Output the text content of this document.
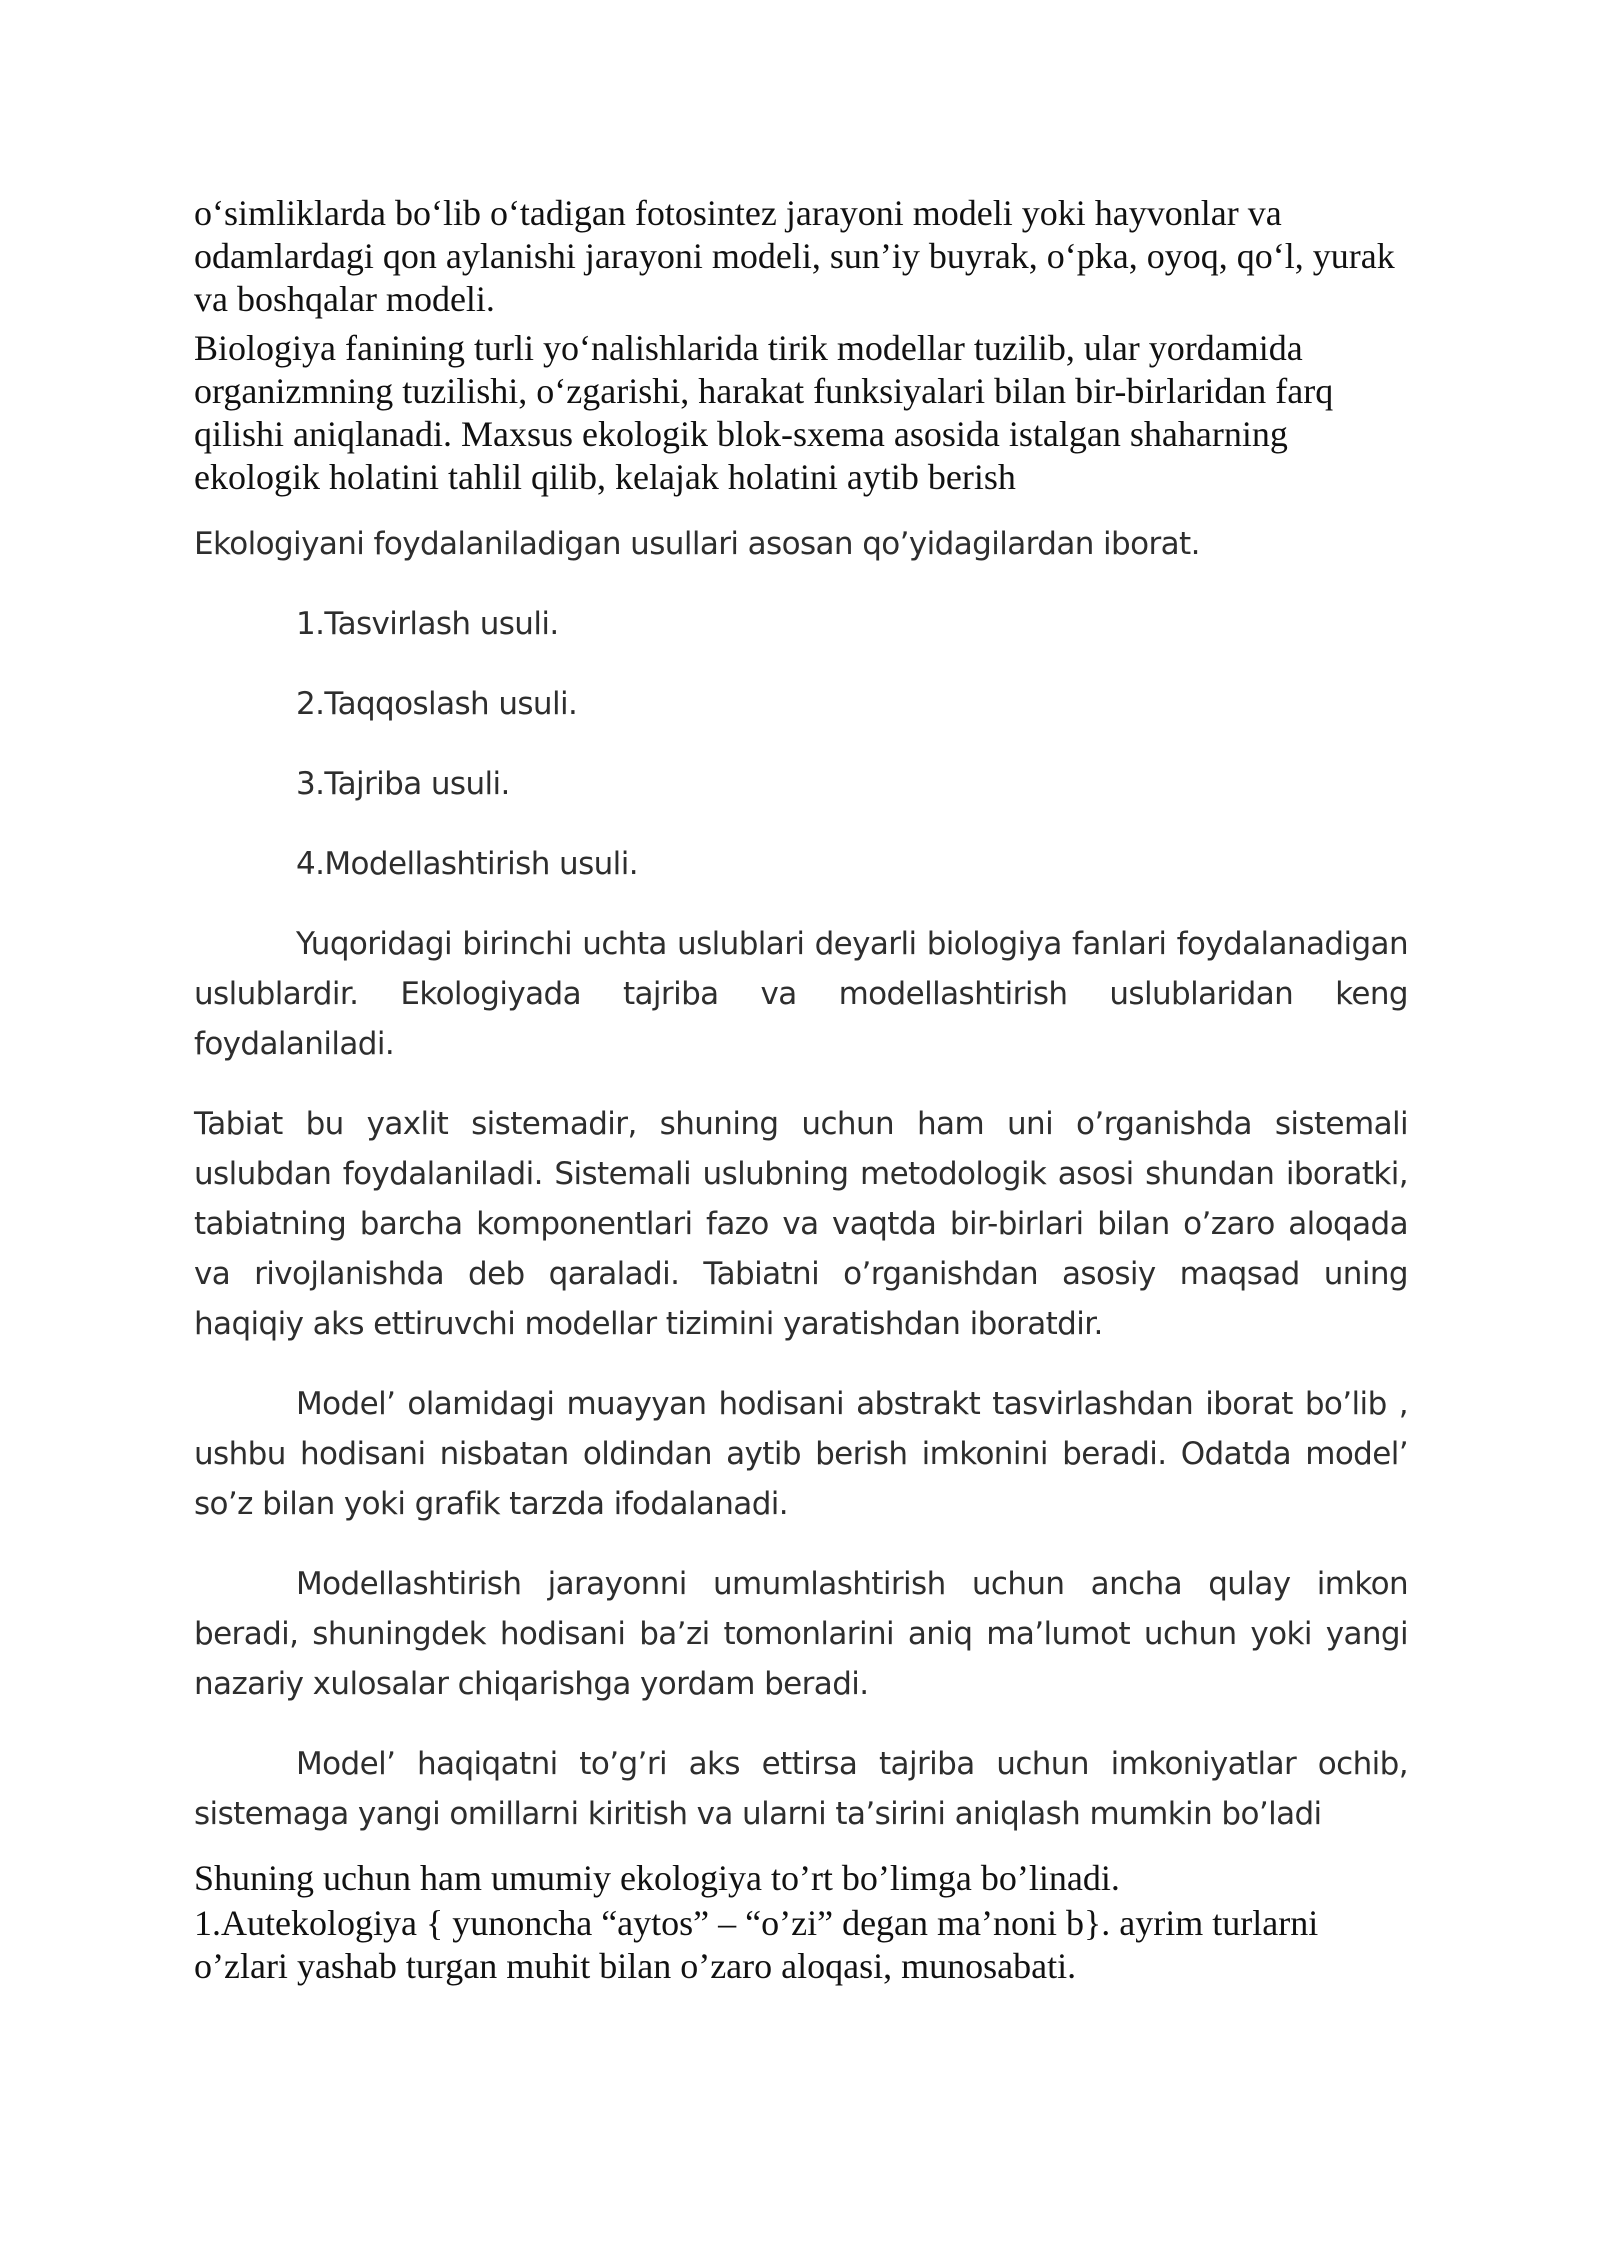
o‘simliklarda bo‘lib o‘tadigan fotosintez jarayoni modeli yoki hayvonlar va odamlardagi qon aylanishi jarayoni modeli, sun’iy buyrak, o‘pka, oyoq, qo‘l, yurak va boshqalar modeli.

Biologiya fanining turli yo‘nalishlarida tirik modellar tuzilib, ular yordamida organizmning tuzilishi, o‘zgarishi, harakat funksiyalari bilan bir-birlaridan farq qilishi aniqlanadi. Maxsus ekologik blok-sxema asosida istalgan shaharning ekologik holatini tahlil qilib, kelajak holatini aytib berish

Ekologiyani foydalaniladigan usullari asosan qo’yidagilardan iborat.

1.Tasvirlash usuli.

2.Taqqoslash usuli.

3.Tajriba usuli.

4.Modellashtirish usuli.

Yuqoridagi birinchi uchta uslublari deyarli biologiya fanlari foydalanadigan uslublardir. Ekologiyada tajriba va modellashtirish uslublaridan keng foydalaniladi.

Tabiat bu yaxlit sistemadir, shuning uchun ham uni o’rganishda sistemali uslubdan foydalaniladi. Sistemali uslubning metodologik asosi shundan iboratki, tabiatning barcha komponentlari fazo va vaqtda bir-birlari bilan o’zaro aloqada va rivojlanishda deb qaraladi. Tabiatni o’rganishdan asosiy maqsad uning haqiqiy aks ettiruvchi modellar tizimini yaratishdan iboratdir.

Model’ olamidagi muayyan hodisani abstrakt tasvirlashdan iborat bo’lib , ushbu hodisani nisbatan oldindan aytib berish imkonini beradi. Odatda model’ so’z bilan yoki grafik tarzda ifodalanadi.

Modellashtirish jarayonni umumlashtirish uchun ancha qulay imkon beradi, shuningdek hodisani ba’zi tomonlarini aniq ma’lumot uchun yoki yangi nazariy xulosalar chiqarishga yordam beradi.

Model’ haqiqatni to’g’ri aks ettirsa tajriba uchun imkoniyatlar ochib, sistemaga yangi omillarni kiritish va ularni ta’sirini aniqlash mumkin bo’ladi

Shuning uchun ham umumiy ekologiya to’rt bo’limga bo’linadi.

1.Autekologiya { yunoncha “aytos” – “o’zi” degan ma’noni b}. ayrim turlarni o’zlari yashab turgan muhit bilan o’zaro aloqasi, munosabati.
